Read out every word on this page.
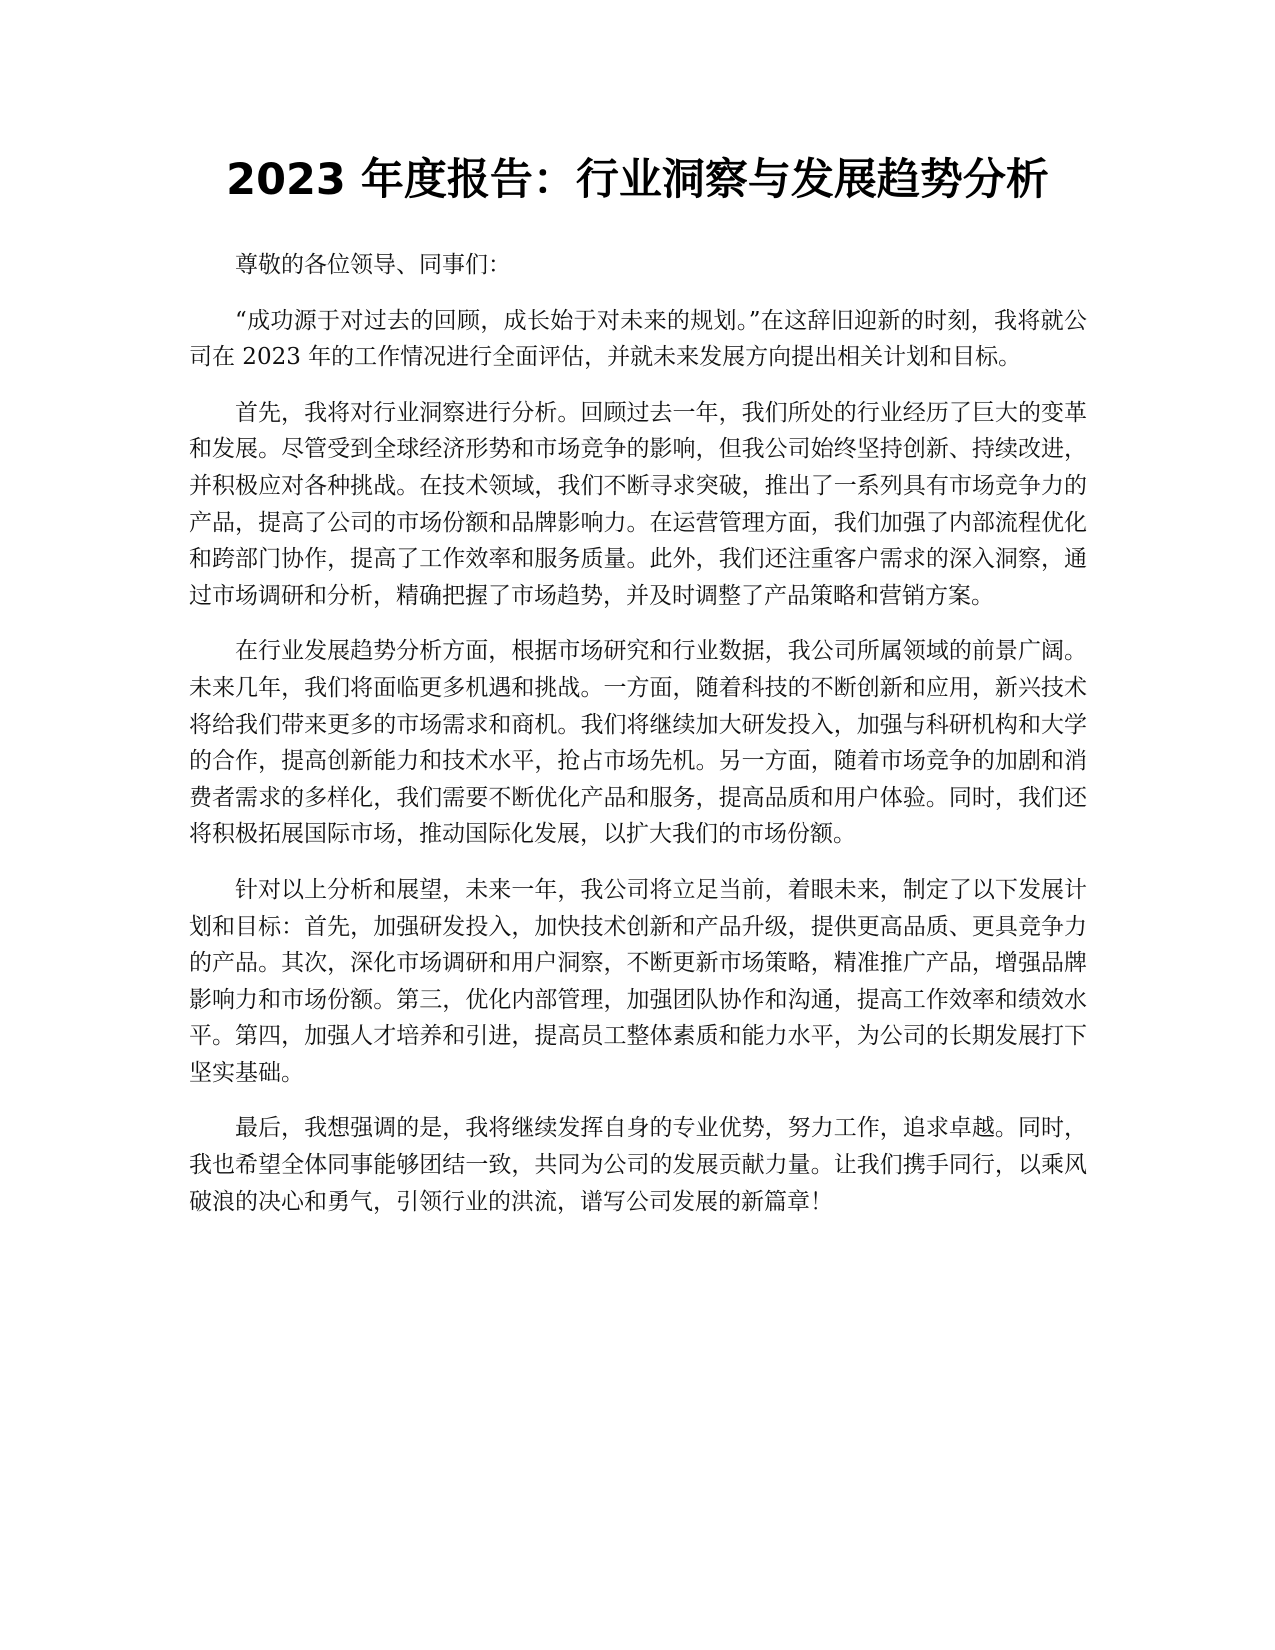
2023 年度报告：行业洞察与发展趋势分析

尊敬的各位领导、同事们：

“成功源于对过去的回顾，成长始于对未来的规划。”在这辞旧迎新的时刻，我将就公司在 2023 年的工作情况进行全面评估，并就未来发展方向提出相关计划和目标。

首先，我将对行业洞察进行分析。回顾过去一年，我们所处的行业经历了巨大的变革和发展。尽管受到全球经济形势和市场竞争的影响，但我公司始终坚持创新、持续改进，并积极应对各种挑战。在技术领域，我们不断寻求突破，推出了一系列具有市场竞争力的产品，提高了公司的市场份额和品牌影响力。在运营管理方面，我们加强了内部流程优化和跨部门协作，提高了工作效率和服务质量。此外，我们还注重客户需求的深入洞察，通过市场调研和分析，精确把握了市场趋势，并及时调整了产品策略和营销方案。

在行业发展趋势分析方面，根据市场研究和行业数据，我公司所属领域的前景广阔。未来几年，我们将面临更多机遇和挑战。一方面，随着科技的不断创新和应用，新兴技术将给我们带来更多的市场需求和商机。我们将继续加大研发投入，加强与科研机构和大学的合作，提高创新能力和技术水平，抢占市场先机。另一方面，随着市场竞争的加剧和消费者需求的多样化，我们需要不断优化产品和服务，提高品质和用户体验。同时，我们还将积极拓展国际市场，推动国际化发展，以扩大我们的市场份额。

针对以上分析和展望，未来一年，我公司将立足当前，着眼未来，制定了以下发展计划和目标：首先，加强研发投入，加快技术创新和产品升级，提供更高品质、更具竞争力的产品。其次，深化市场调研和用户洞察，不断更新市场策略，精准推广产品，增强品牌影响力和市场份额。第三，优化内部管理，加强团队协作和沟通，提高工作效率和绩效水平。第四，加强人才培养和引进，提高员工整体素质和能力水平，为公司的长期发展打下坚实基础。

最后，我想强调的是，我将继续发挥自身的专业优势，努力工作，追求卓越。同时，我也希望全体同事能够团结一致，共同为公司的发展贡献力量。让我们携手同行，以乘风破浪的决心和勇气，引领行业的洪流，谱写公司发展的新篇章！
